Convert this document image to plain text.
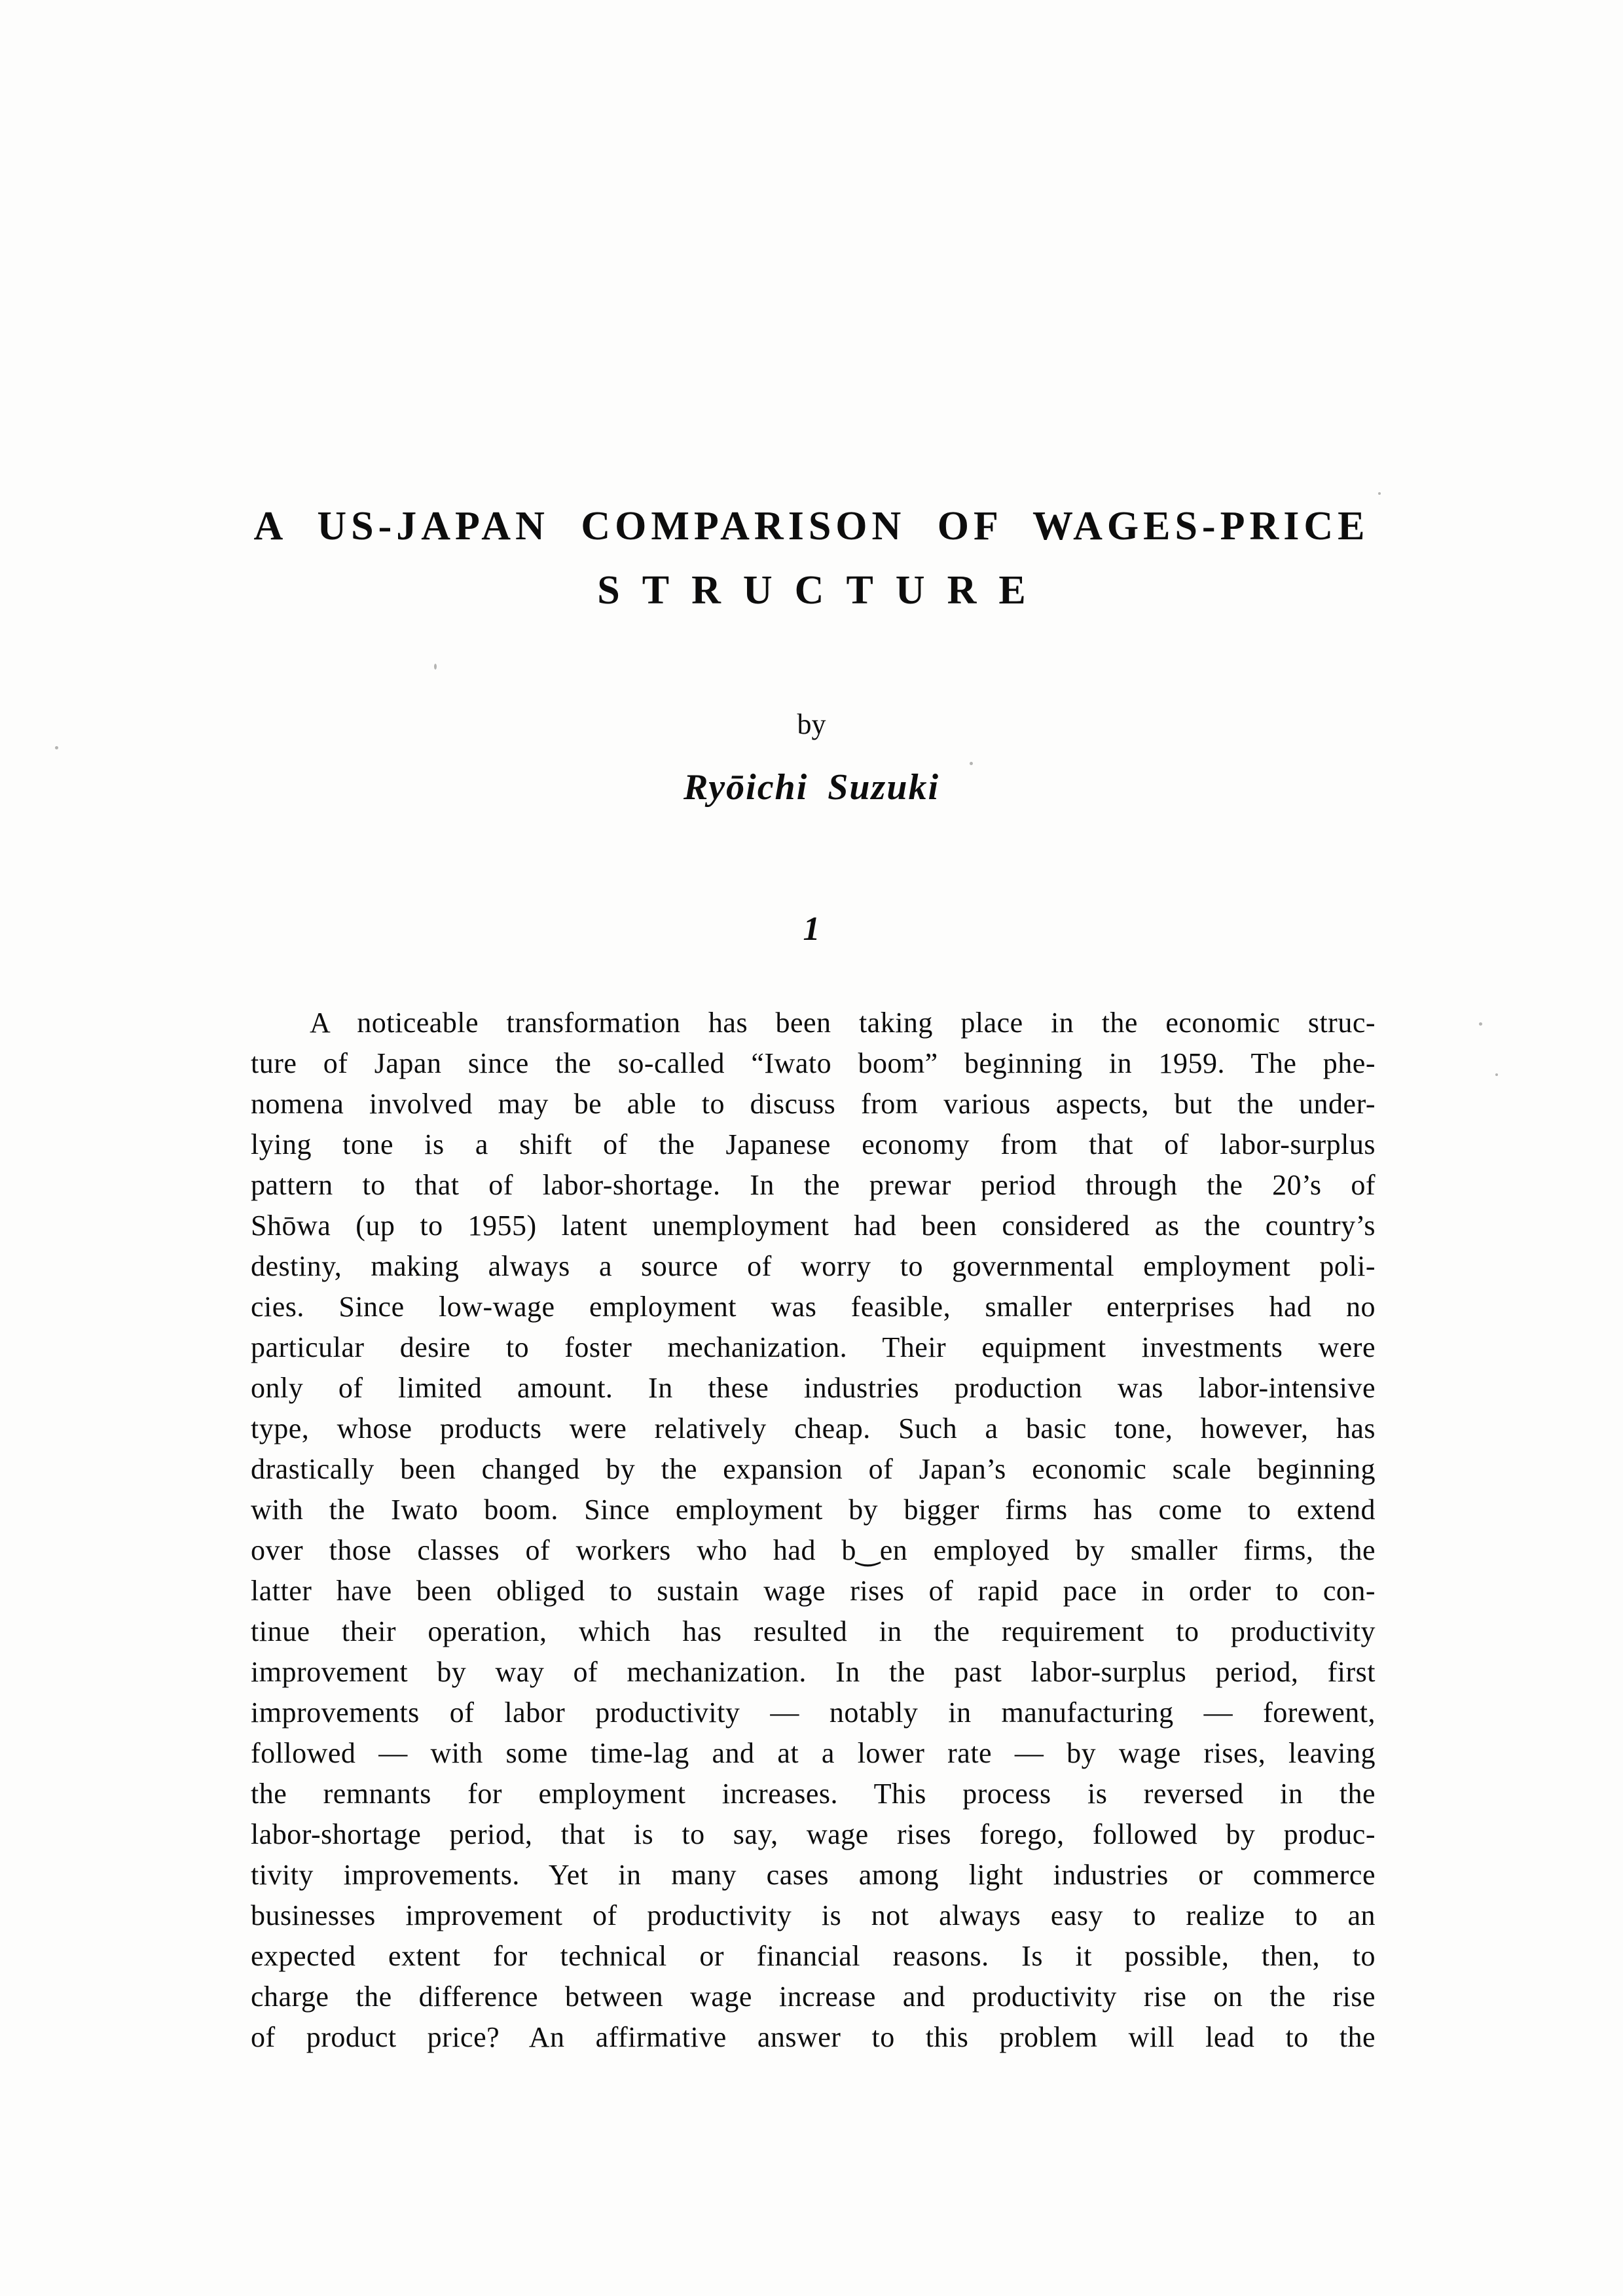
A US-JAPAN COMPARISON OF WAGES-PRICE
STRUCTURE
by
Ryōichi Suzuki
1
A noticeable transformation has been taking place in the economic struc-
ture of Japan since the so-called “Iwato boom” beginning in 1959. The phe-
nomena involved may be able to discuss from various aspects, but the under-
lying tone is a shift of the Japanese economy from that of labor-surplus
pattern to that of labor-shortage. In the prewar period through the 20’s of
Shōwa (up to 1955) latent unemployment had been considered as the country’s
destiny, making always a source of worry to governmental employment poli-
cies. Since low-wage employment was feasible, smaller enterprises had no
particular desire to foster mechanization. Their equipment investments were
only of limited amount. In these industries production was labor-intensive
type, whose products were relatively cheap. Such a basic tone, however, has
drastically been changed by the expansion of Japan’s economic scale beginning
with the Iwato boom. Since employment by bigger firms has come to extend
over those classes of workers who had b‿en employed by smaller firms, the
latter have been obliged to sustain wage rises of rapid pace in order to con-
tinue their operation, which has resulted in the requirement to productivity
improvement by way of mechanization. In the past labor-surplus period, first
improvements of labor productivity — notably in manufacturing — forewent,
followed — with some time-lag and at a lower rate — by wage rises, leaving
the remnants for employment increases. This process is reversed in the
labor-shortage period, that is to say, wage rises forego, followed by produc-
tivity improvements. Yet in many cases among light industries or commerce
businesses improvement of productivity is not always easy to realize to an
expected extent for technical or financial reasons. Is it possible, then, to
charge the difference between wage increase and productivity rise on the rise
of product price? An affirmative answer to this problem will lead to the
